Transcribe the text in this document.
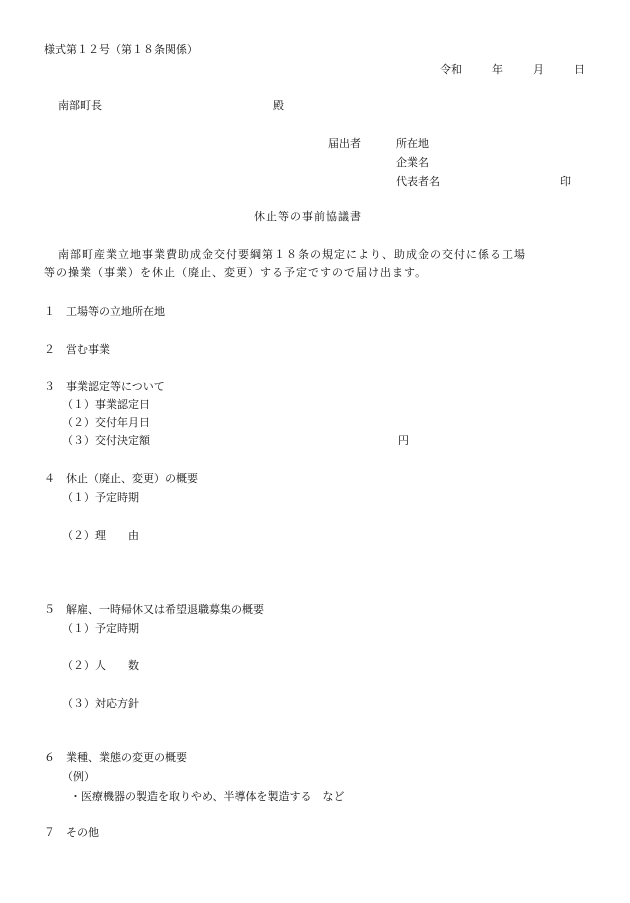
様式第１２号（第１８条関係）

令和	年	月	日

南部町長	殿

届出者	所在地

企業名

代表者名	印

休止等の事前協議書

南部町産業立地事業費助成金交付要綱第１８条の規定により、助成金の交付に係る工場

等の操業（事業）を休止（廃止、変更）する予定ですので届け出ます。

１　工場等の立地所在地

２　営む事業

３　事業認定等について

（１）事業認定日

（２）交付年月日

（３）交付決定額	円

４　休止（廃止、変更）の概要

（１）予定時期

（２）理　　由

５　解雇、一時帰休又は希望退職募集の概要

（１）予定時期

（２）人　　数

（３）対応方針

６　業種、業態の変更の概要

（例）

・医療機器の製造を取りやめ、半導体を製造する　など

７　その他
